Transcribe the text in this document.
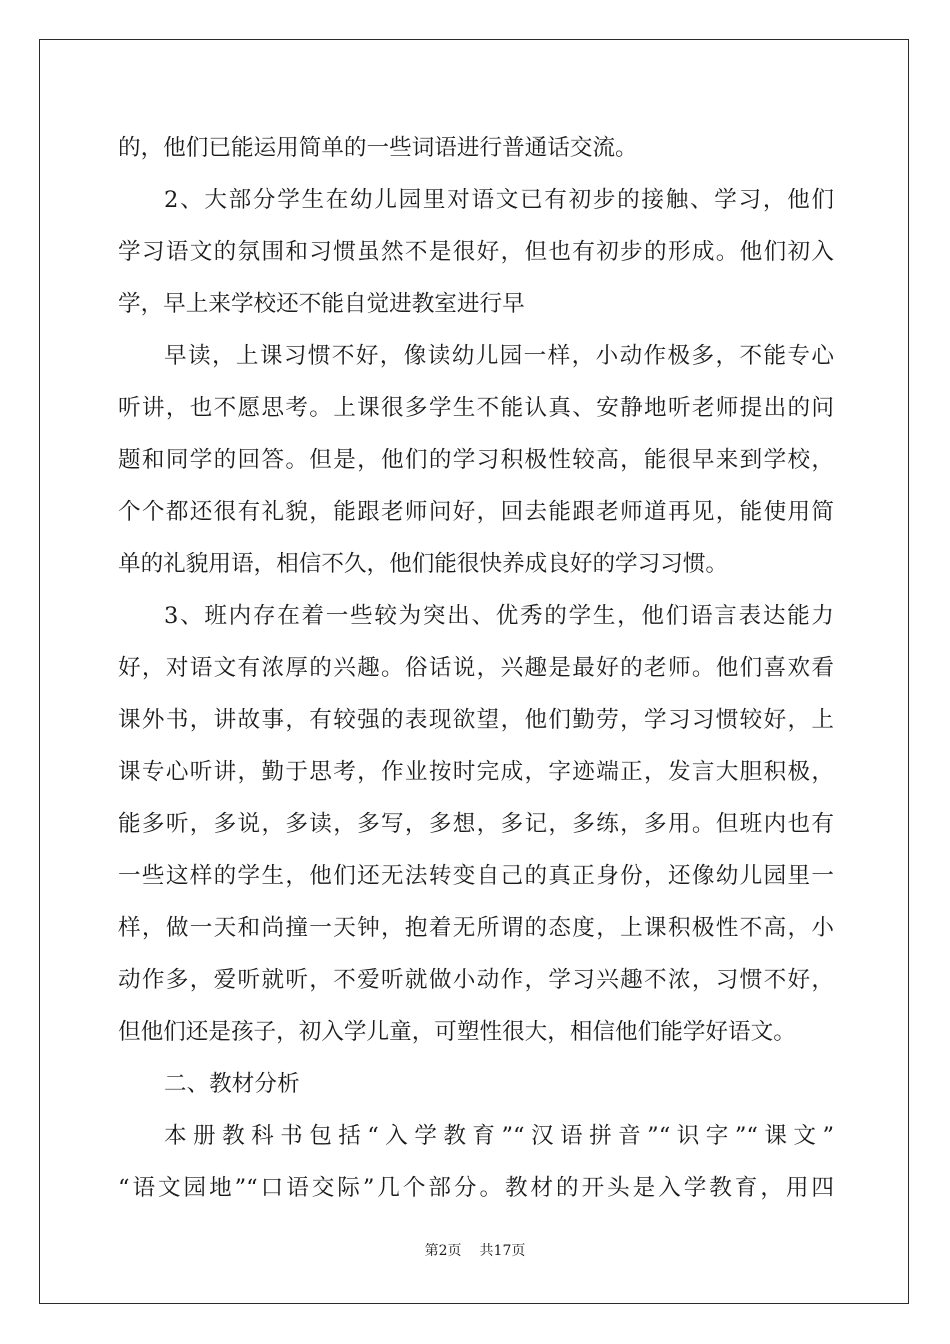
的，他们已能运用简单的一些词语进行普通话交流。
2、大部分学生在幼儿园里对语文已有初步的接触、学习，他们
学习语文的氛围和习惯虽然不是很好，但也有初步的形成。他们初入
学，早上来学校还不能自觉进教室进行早
早读，上课习惯不好，像读幼儿园一样，小动作极多，不能专心
听讲，也不愿思考。上课很多学生不能认真、安静地听老师提出的问
题和同学的回答。但是，他们的学习积极性较高，能很早来到学校，
个个都还很有礼貌，能跟老师问好，回去能跟老师道再见，能使用简
单的礼貌用语，相信不久，他们能很快养成良好的学习习惯。
3、班内存在着一些较为突出、优秀的学生，他们语言表达能力
好，对语文有浓厚的兴趣。俗话说，兴趣是最好的老师。他们喜欢看
课外书，讲故事，有较强的表现欲望，他们勤劳，学习习惯较好，上
课专心听讲，勤于思考，作业按时完成，字迹端正，发言大胆积极，
能多听，多说，多读，多写，多想，多记，多练，多用。但班内也有
一些这样的学生，他们还无法转变自己的真正身份，还像幼儿园里一
样，做一天和尚撞一天钟，抱着无所谓的态度，上课积极性不高，小
动作多，爱听就听，不爱听就做小动作，学习兴趣不浓，习惯不好，
但他们还是孩子，初入学儿童，可塑性很大，相信他们能学好语文。
二、教材分析
本册教科书包括“入学教育”“汉语拼音”“识字”“课文”
“语文园地”“口语交际”几个部分。教材的开头是入学教育，用四
第2页 共17页
